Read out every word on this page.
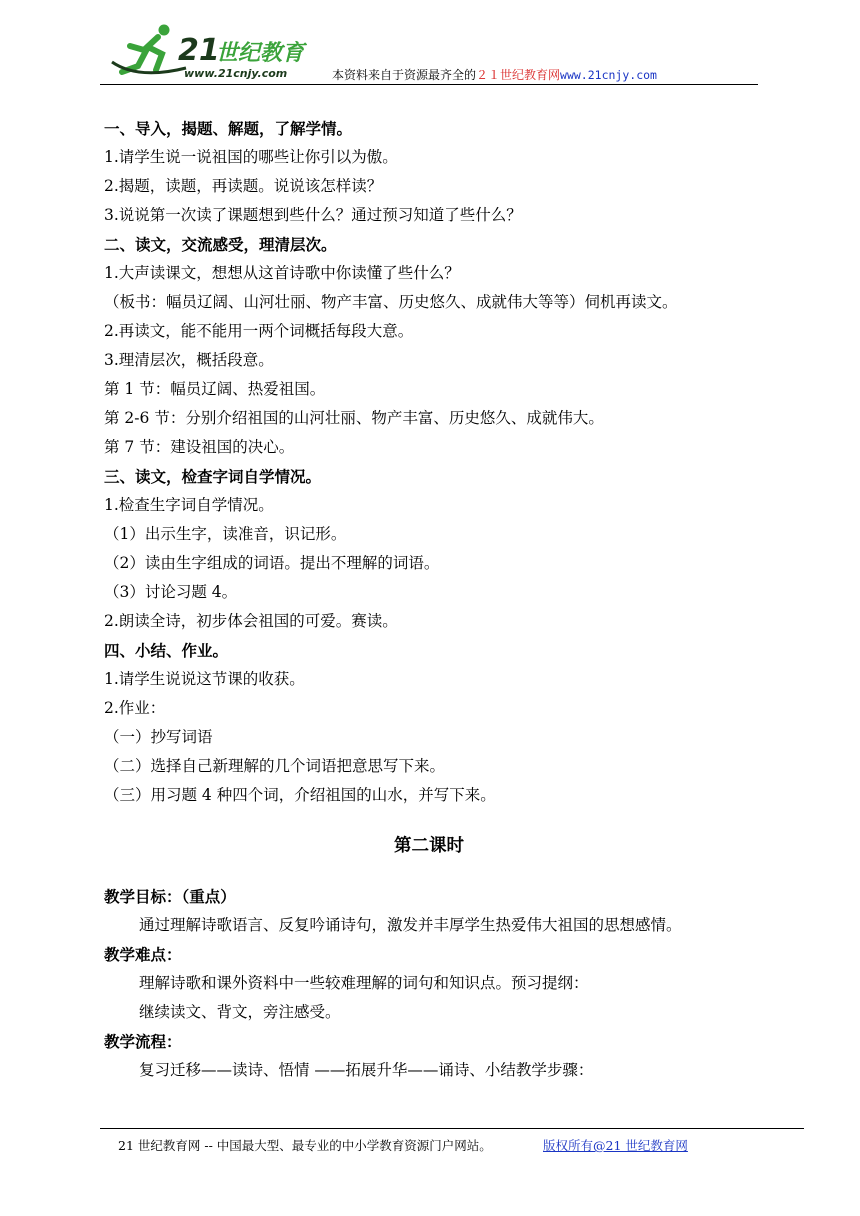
21
世纪教育
www.21cnjy.com	本资料来自于资源最齐全的２１世纪教育网www.21cnjy.com
一、导入，揭题、解题，了解学情。
1.请学生说一说祖国的哪些让你引以为傲。
2.揭题，读题，再读题。说说该怎样读？
3.说说第一次读了课题想到些什么？通过预习知道了些什么？
二、读文，交流感受，理清层次。
1.大声读课文，想想从这首诗歌中你读懂了些什么？
（板书：幅员辽阔、山河壮丽、物产丰富、历史悠久、成就伟大等等）伺机再读文。
2.再读文，能不能用一两个词概括每段大意。
3.理清层次，概括段意。
第 1 节：幅员辽阔、热爱祖国。
第 2-6 节：分别介绍祖国的山河壮丽、物产丰富、历史悠久、成就伟大。
第 7 节：建设祖国的决心。
三、读文，检查字词自学情况。
1.检查生字词自学情况。
（1）出示生字，读准音，识记形。
（2）读由生字组成的词语。提出不理解的词语。
（3）讨论习题 4。
2.朗读全诗，初步体会祖国的可爱。赛读。
四、小结、作业。
1.请学生说说这节课的收获。
2.作业：
（一）抄写词语
（二）选择自己新理解的几个词语把意思写下来。
（三）用习题 4 种四个词，介绍祖国的山水，并写下来。
第二课时
教学目标：（重点）
通过理解诗歌语言、反复吟诵诗句，激发并丰厚学生热爱伟大祖国的思想感情。
教学难点：
理解诗歌和课外资料中一些较难理解的词句和知识点。预习提纲：
继续读文、背文，旁注感受。
教学流程：
复习迁移——读诗、悟情 ——拓展升华——诵诗、小结教学步骤：
21 世纪教育网 -- 中国最大型、最专业的中小学教育资源门户网站。	版权所有@21 世纪教育网
